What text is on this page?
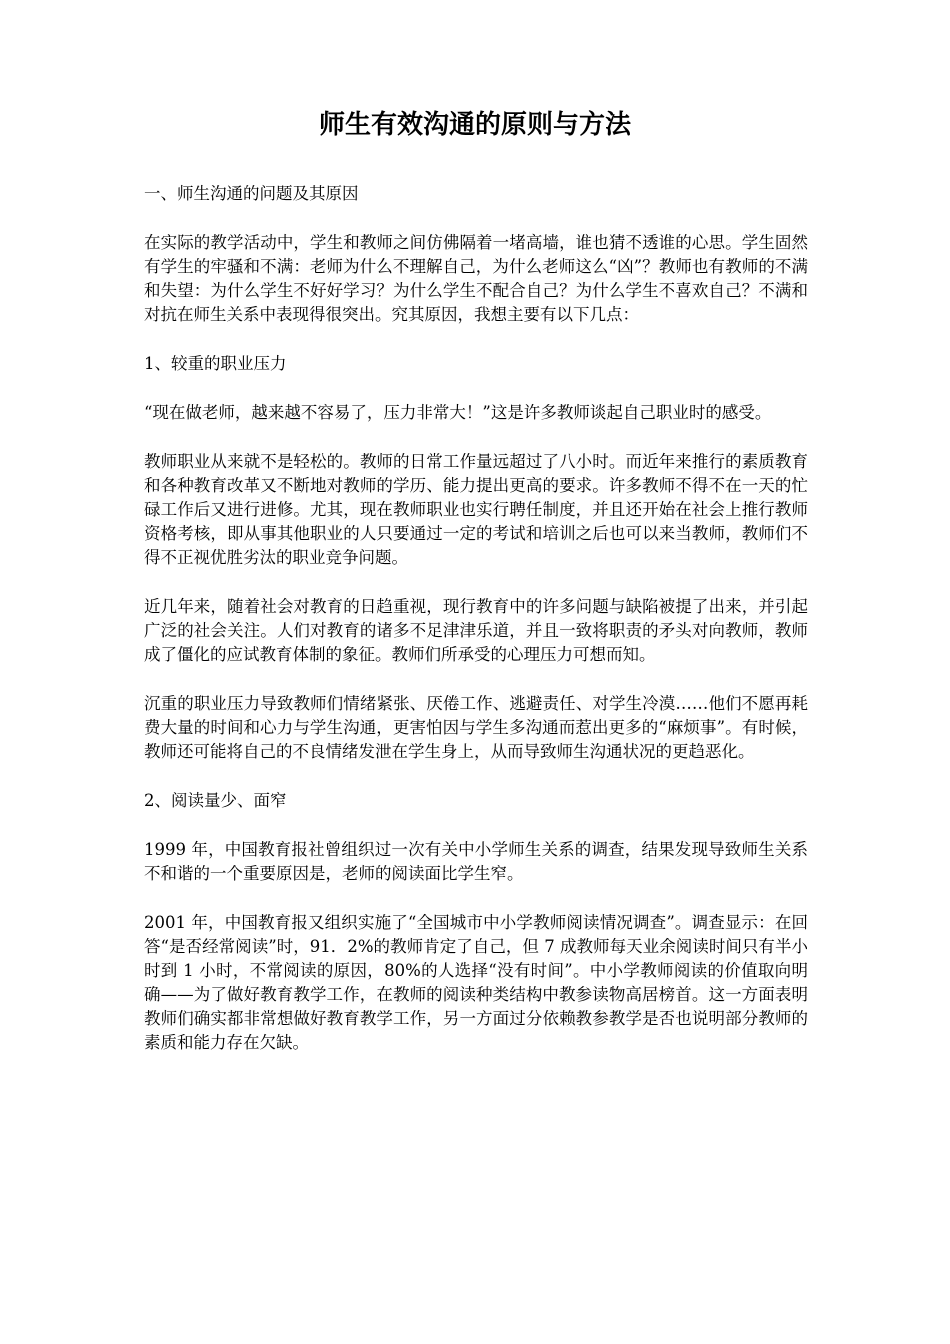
师生有效沟通的原则与方法

一、师生沟通的问题及其原因

在实际的教学活动中，学生和教师之间仿佛隔着一堵高墙，谁也猜不透谁的心思。学生固然有学生的牢骚和不满：老师为什么不理解自己，为什么老师这么“凶”？教师也有教师的不满和失望：为什么学生不好好学习？为什么学生不配合自己？为什么学生不喜欢自己？不满和对抗在师生关系中表现得很突出。究其原因，我想主要有以下几点：

1、较重的职业压力

“现在做老师，越来越不容易了，压力非常大！”这是许多教师谈起自己职业时的感受。

教师职业从来就不是轻松的。教师的日常工作量远超过了八小时。而近年来推行的素质教育和各种教育改革又不断地对教师的学历、能力提出更高的要求。许多教师不得不在一天的忙碌工作后又进行进修。尤其，现在教师职业也实行聘任制度，并且还开始在社会上推行教师资格考核，即从事其他职业的人只要通过一定的考试和培训之后也可以来当教师，教师们不得不正视优胜劣汰的职业竞争问题。

近几年来，随着社会对教育的日趋重视，现行教育中的许多问题与缺陷被提了出来，并引起广泛的社会关注。人们对教育的诸多不足津津乐道，并且一致将职责的矛头对向教师，教师成了僵化的应试教育体制的象征。教师们所承受的心理压力可想而知。

沉重的职业压力导致教师们情绪紧张、厌倦工作、逃避责任、对学生冷漠……他们不愿再耗费大量的时间和心力与学生沟通，更害怕因与学生多沟通而惹出更多的“麻烦事”。有时候，教师还可能将自己的不良情绪发泄在学生身上，从而导致师生沟通状况的更趋恶化。

2、阅读量少、面窄

1999 年，中国教育报社曾组织过一次有关中小学师生关系的调查，结果发现导致师生关系不和谐的一个重要原因是，老师的阅读面比学生窄。

2001 年，中国教育报又组织实施了“全国城市中小学教师阅读情况调查”。调查显示：在回答“是否经常阅读”时，91．2%的教师肯定了自己，但 7 成教师每天业余阅读时间只有半小时到 1 小时，不常阅读的原因，80%的人选择“没有时间”。中小学教师阅读的价值取向明确——为了做好教育教学工作，在教师的阅读种类结构中教参读物高居榜首。这一方面表明教师们确实都非常想做好教育教学工作，另一方面过分依赖教参教学是否也说明部分教师的素质和能力存在欠缺。
